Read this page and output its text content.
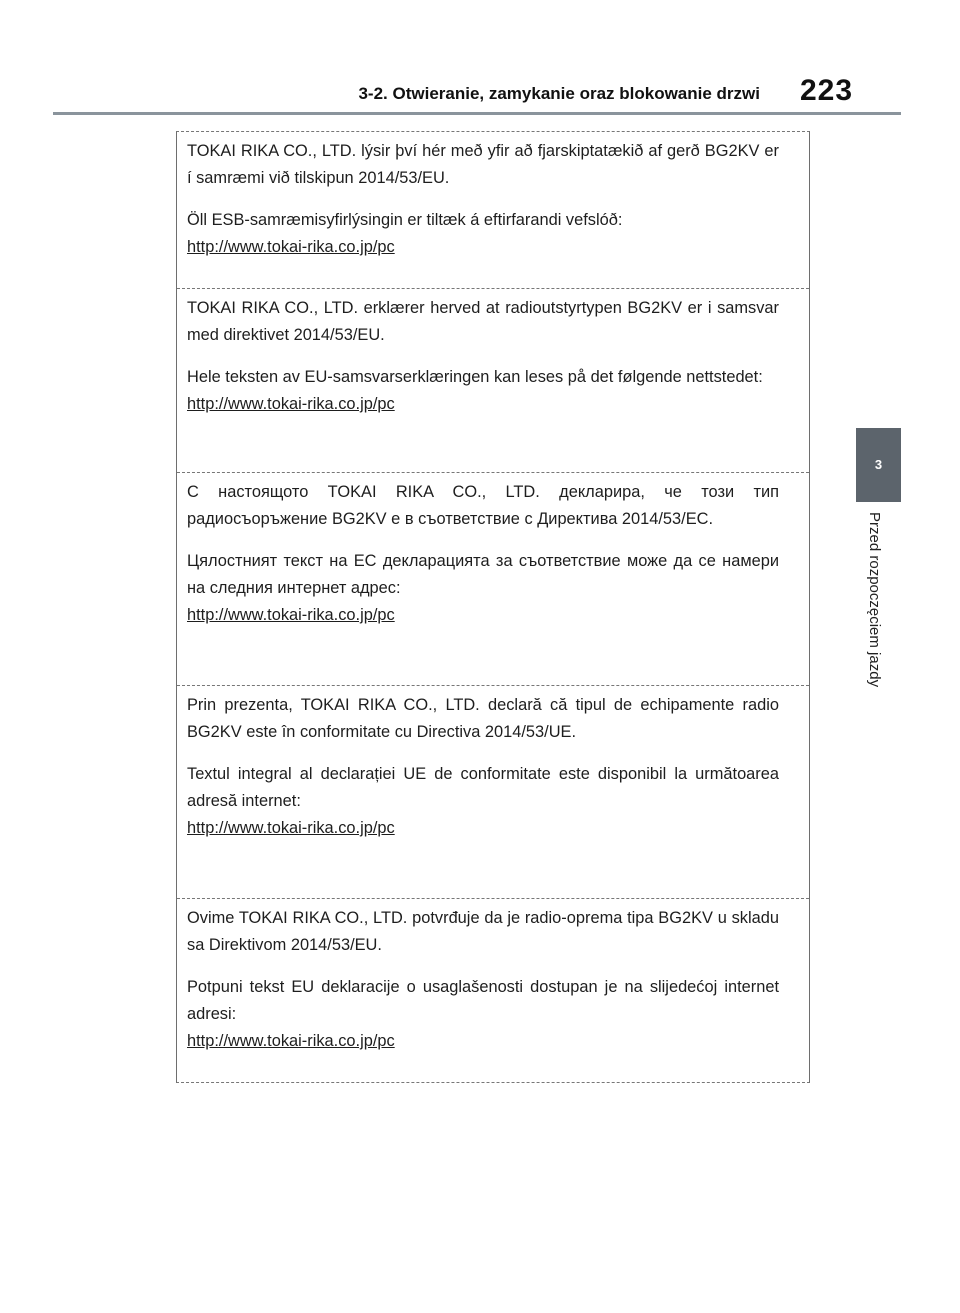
3-2. Otwieranie, zamykanie oraz blokowanie drzwi 223
3
Przed rozpoczęciem jazdy

TOKAI RIKA CO., LTD. lýsir því hér með yfir að fjarskiptatækið af gerð BG2KV er í samræmi við tilskipun 2014/53/EU.

Öll ESB-samræmisyfirlýsingin er tiltæk á eftirfarandi vefslóð:
http://www.tokai-rika.co.jp/pc

TOKAI RIKA CO., LTD. erklærer herved at radioutstyrtypen BG2KV er i samsvar med direktivet 2014/53/EU.

Hele teksten av EU-samsvarserklæringen kan leses på det følgende nettstedet:
http://www.tokai-rika.co.jp/pc

С настоящото TOKAI RIKA CO., LTD. декларира, че този тип радиосъоръжение BG2KV е в съответствие с Директива 2014/53/ЕС.

Цялостният текст на ЕС декларацията за съответствие може да се намери на следния интернет адрес:
http://www.tokai-rika.co.jp/pc

Prin prezenta, TOKAI RIKA CO., LTD. declară că tipul de echipamente radio BG2KV este în conformitate cu Directiva 2014/53/UE.

Textul integral al declarației UE de conformitate este disponibil la următoarea adresă internet:
http://www.tokai-rika.co.jp/pc

Ovime TOKAI RIKA CO., LTD. potvrđuje da je radio-oprema tipa BG2KV u skladu sa Direktivom 2014/53/EU.

Potpuni tekst EU deklaracije o usaglašenosti dostupan je na slijedećoj internet adresi:
http://www.tokai-rika.co.jp/pc
